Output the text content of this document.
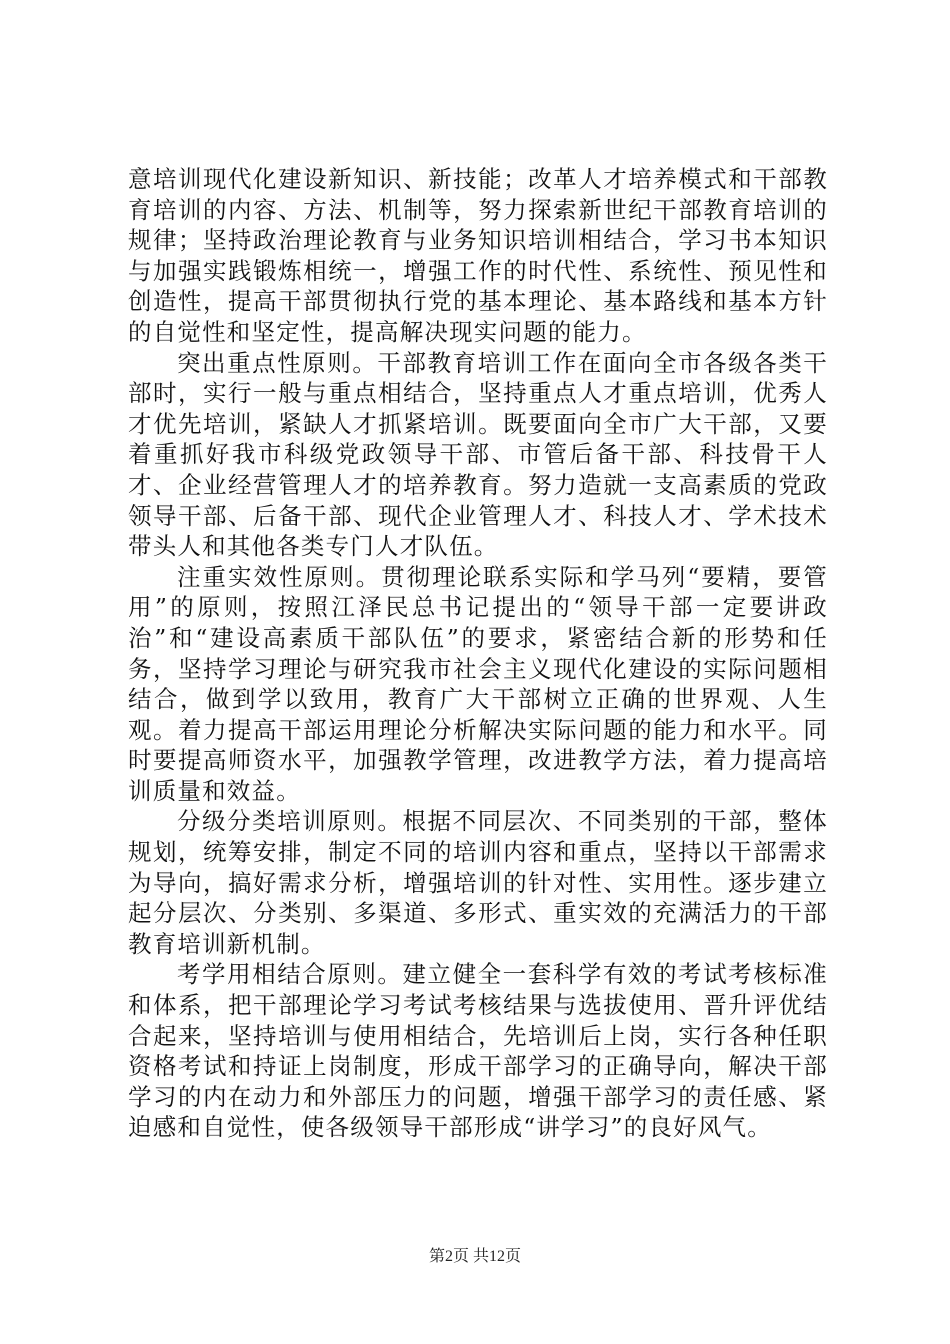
意培训现代化建设新知识、新技能；改革人才培养模式和干部教育培训的内容、方法、机制等，努力探索新世纪干部教育培训的规律；坚持政治理论教育与业务知识培训相结合，学习书本知识与加强实践锻炼相统一，增强工作的时代性、系统性、预见性和创造性，提高干部贯彻执行党的基本理论、基本路线和基本方针的自觉性和坚定性，提高解决现实问题的能力。

突出重点性原则。干部教育培训工作在面向全市各级各类干部时，实行一般与重点相结合，坚持重点人才重点培训，优秀人才优先培训，紧缺人才抓紧培训。既要面向全市广大干部，又要着重抓好我市科级党政领导干部、市管后备干部、科技骨干人才、企业经营管理人才的培养教育。努力造就一支高素质的党政领导干部、后备干部、现代企业管理人才、科技人才、学术技术带头人和其他各类专门人才队伍。

注重实效性原则。贯彻理论联系实际和学马列“要精，要管用”的原则，按照江泽民总书记提出的“领导干部一定要讲政治”和“建设高素质干部队伍”的要求，紧密结合新的形势和任务，坚持学习理论与研究我市社会主义现代化建设的实际问题相结合，做到学以致用，教育广大干部树立正确的世界观、人生观。着力提高干部运用理论分析解决实际问题的能力和水平。同时要提高师资水平，加强教学管理，改进教学方法，着力提高培训质量和效益。

分级分类培训原则。根据不同层次、不同类别的干部，整体规划，统筹安排，制定不同的培训内容和重点，坚持以干部需求为导向，搞好需求分析，增强培训的针对性、实用性。逐步建立起分层次、分类别、多渠道、多形式、重实效的充满活力的干部教育培训新机制。

考学用相结合原则。建立健全一套科学有效的考试考核标准和体系，把干部理论学习考试考核结果与选拔使用、晋升评优结合起来，坚持培训与使用相结合，先培训后上岗，实行各种任职资格考试和持证上岗制度，形成干部学习的正确导向，解决干部学习的内在动力和外部压力的问题，增强干部学习的责任感、紧迫感和自觉性，使各级领导干部形成“讲学习”的良好风气。

第2页 共12页
